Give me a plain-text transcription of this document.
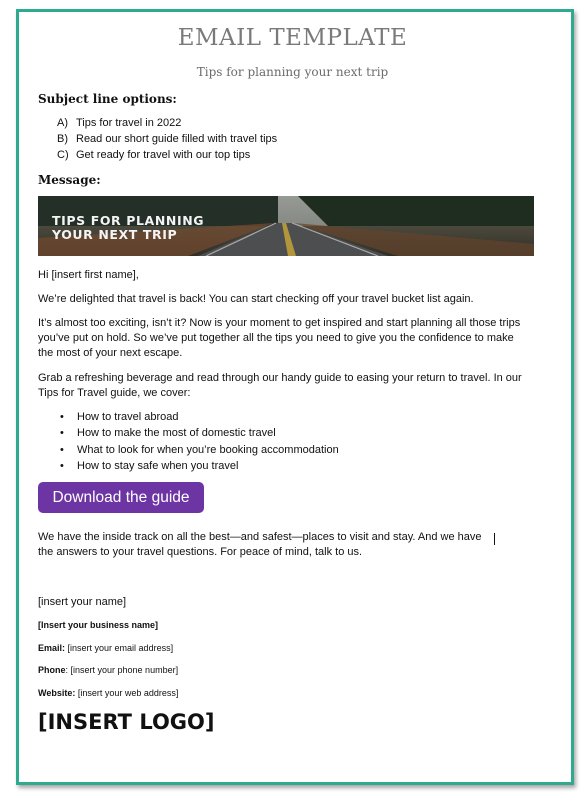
EMAIL TEMPLATE
Tips for planning your next trip
Subject line options:
A) Tips for travel in 2022
B) Read our short guide filled with travel tips
C) Get ready for travel with our top tips
Message:
TIPS FOR PLANNING
YOUR NEXT TRIP
Hi [insert first name],
We’re delighted that travel is back! You can start checking off your travel bucket list again.
It’s almost too exciting, isn’t it? Now is your moment to get inspired and start planning all those trips you’ve put on hold. So we’ve put together all the tips you need to give you the confidence to make the most of your next escape.
Grab a refreshing beverage and read through our handy guide to easing your return to travel. In our Tips for Travel guide, we cover:
•	How to travel abroad
•	How to make the most of domestic travel
•	What to look for when you’re booking accommodation
•	How to stay safe when you travel
Download the guide
We have the inside track on all the best—and safest—places to visit and stay. And we have the answers to your travel questions. For peace of mind, talk to us.
[insert your name]
[Insert your business name]
Email: [insert your email address]
Phone: [insert your phone number]
Website: [insert your web address]
[INSERT LOGO]
